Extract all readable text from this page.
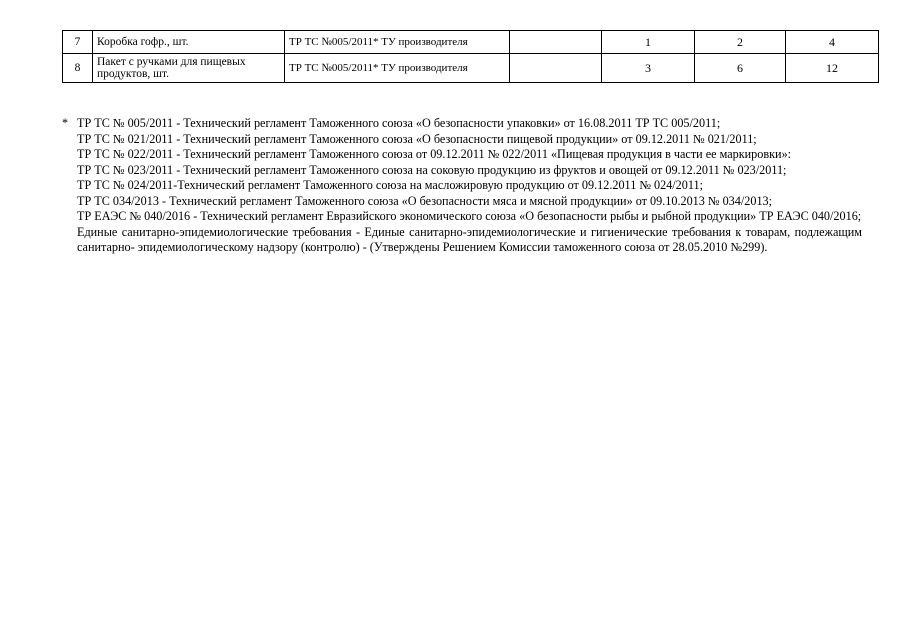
7	Коробка гофр., шт.	ТР ТС №005/2011* ТУ производителя		1	2	4
8	Пакет с ручками для пищевых продуктов, шт.	ТР ТС №005/2011* ТУ производителя		3	6	12

* ТР ТС № 005/2011 - Технический регламент Таможенного союза «О безопасности упаковки» от 16.08.2011 ТР ТС 005/2011;

ТР ТС № 021/2011 - Технический регламент Таможенного союза «О безопасности пищевой продукции» от 09.12.2011 № 021/2011;

ТР ТС № 022/2011 - Технический регламент Таможенного союза от 09.12.2011 № 022/2011 «Пищевая продукция в части ее маркировки»:

ТР ТС № 023/2011 - Технический регламент Таможенного союза на соковую продукцию из фруктов и овощей от 09.12.2011 № 023/2011;

ТР ТС № 024/2011-Технический регламент Таможенного союза на масложировую продукцию от 09.12.2011 № 024/2011;

ТР ТС 034/2013 - Технический регламент Таможенного союза «О безопасности мяса и мясной продукции» от 09.10.2013 № 034/2013;

ТР ЕАЭС № 040/2016 - Технический регламент Евразийского экономического союза «О безопасности рыбы и рыбной продукции» ТР ЕАЭС 040/2016;

Единые санитарно-эпидемиологические требования - Единые санитарно-эпидемиологические и гигиенические требования к товарам, подлежащим санитарно- эпидемиологическому надзору (контролю) - (Утверждены Решением Комиссии таможенного союза от 28.05.2010 №299).
